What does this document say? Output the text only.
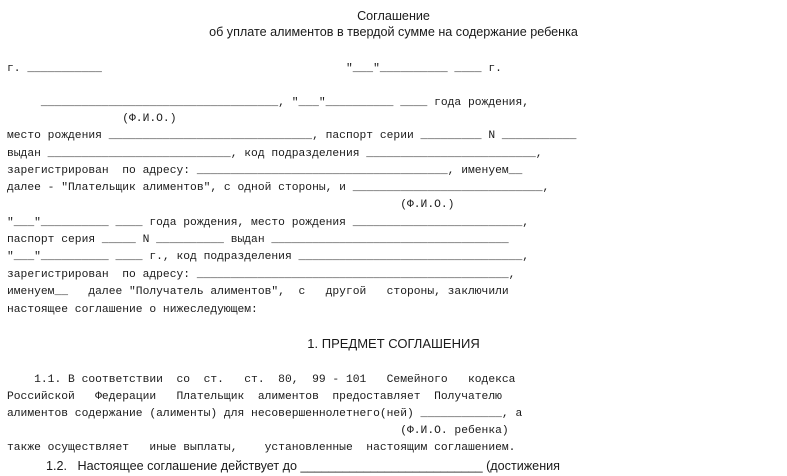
Соглашение
об уплате алиментов в твердой сумме на содержание ребенка
г. ___________                                    "___"__________ ____ г.
___________________________________, "___"__________ ____ года рождения,
(Ф.И.О.)
место рождения ______________________________, паспорт серии _________ N ___________
выдан ___________________________, код подразделения _________________________,
зарегистрирован  по адресу: _____________________________________, именуем__
далее - "Плательщик алиментов", с одной стороны, и ____________________________,
(Ф.И.О.)
"___"__________ ____ года рождения, место рождения _________________________,
паспорт серия _____ N __________ выдан ___________________________________
"___"__________ ____ г., код подразделения _________________________________,
зарегистрирован  по адресу: ______________________________________________,
именуем__   далее "Получатель алиментов",  с   другой   стороны, заключили
настоящее соглашение о нижеследующем:
1. ПРЕДМЕТ СОГЛАШЕНИЯ
1.1. В соответствии  со  ст.   ст.  80,  99 - 101   Семейного   кодекса
Российской   Федерации   Плательщик  алиментов  предоставляет  Получателю
алиментов содержание (алименты) для несовершеннолетнего(ней) ____________, а
(Ф.И.О. ребенка)
также осуществляет   иные выплаты,    установленные  настоящим соглашением.
1.2.   Настоящее соглашение действует до __________________________ (достижения
